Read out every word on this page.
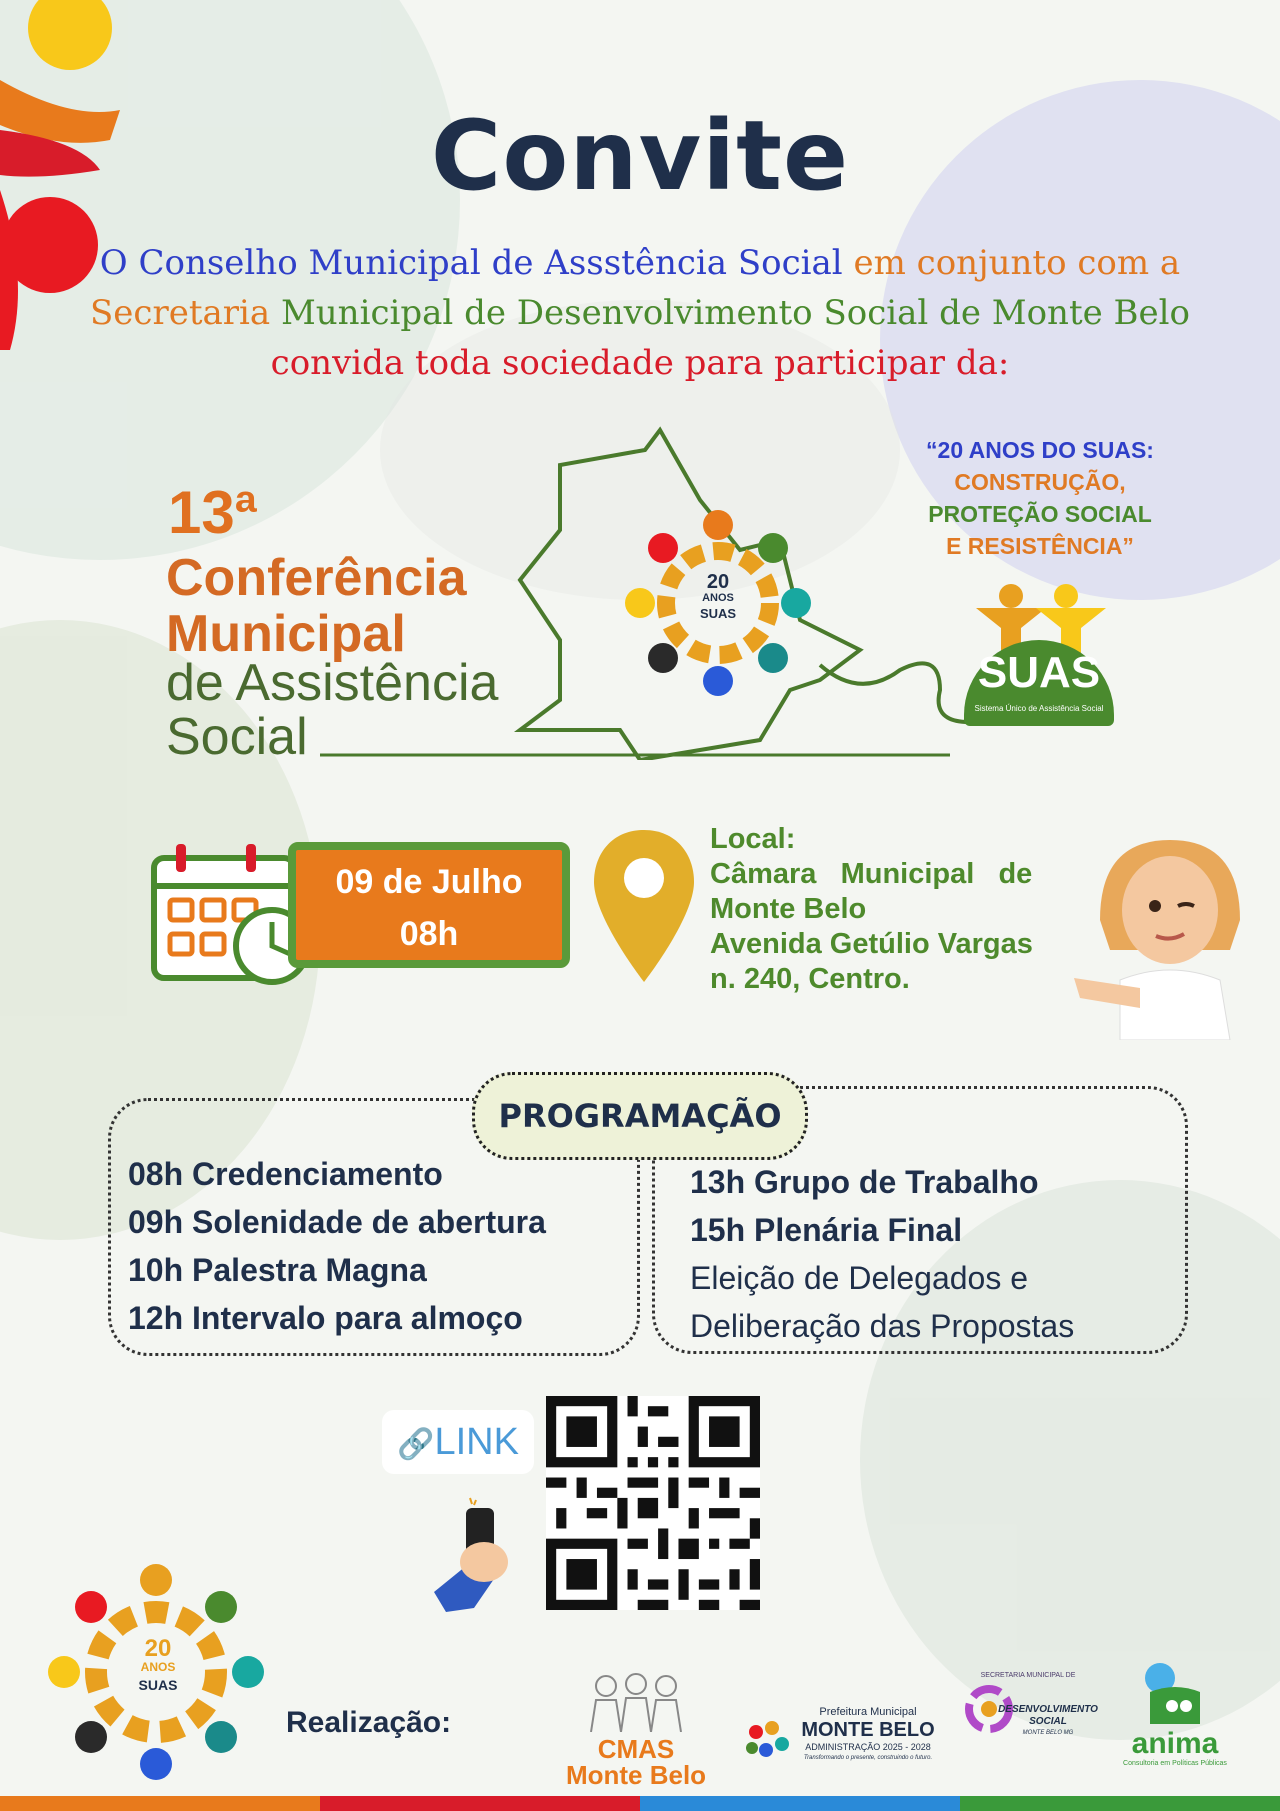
Convite
O Conselho Municipal de Assstência Social em conjunto com a
Secretaria Municipal de Desenvolvimento Social de Monte Belo
convida toda sociedade para participar da:
13ª
Conferência
Municipal
de Assistência
Social
20
ANOS
SUAS
“20 ANOS DO SUAS:
CONSTRUÇÃO,
PROTEÇÃO SOCIAL
E RESISTÊNCIA”
SUAS
Sistema Único de Assistência Social
09 de Julho
08h
Local:
Câmara   Municipal   de
Monte Belo
Avenida Getúlio Vargas
n. 240, Centro.
PROGRAMAÇÃO
08h Credenciamento
09h Solenidade de abertura
10h Palestra Magna
12h Intervalo para almoço
13h Grupo de Trabalho
15h Plenária Final
Eleição de Delegados e
Deliberação das Propostas
🔗LINK
20
ANOS
SUAS
Realização:
CMAS
Monte Belo
Prefeitura Municipal
MONTE BELO
ADMINISTRAÇÃO 2025 - 2028
Transformando o presente, construindo o futuro.
SECRETARIA MUNICIPAL DE
DESENVOLVIMENTO
SOCIAL
MONTE BELO MG	anima
Consultoria em Políticas Públicas
